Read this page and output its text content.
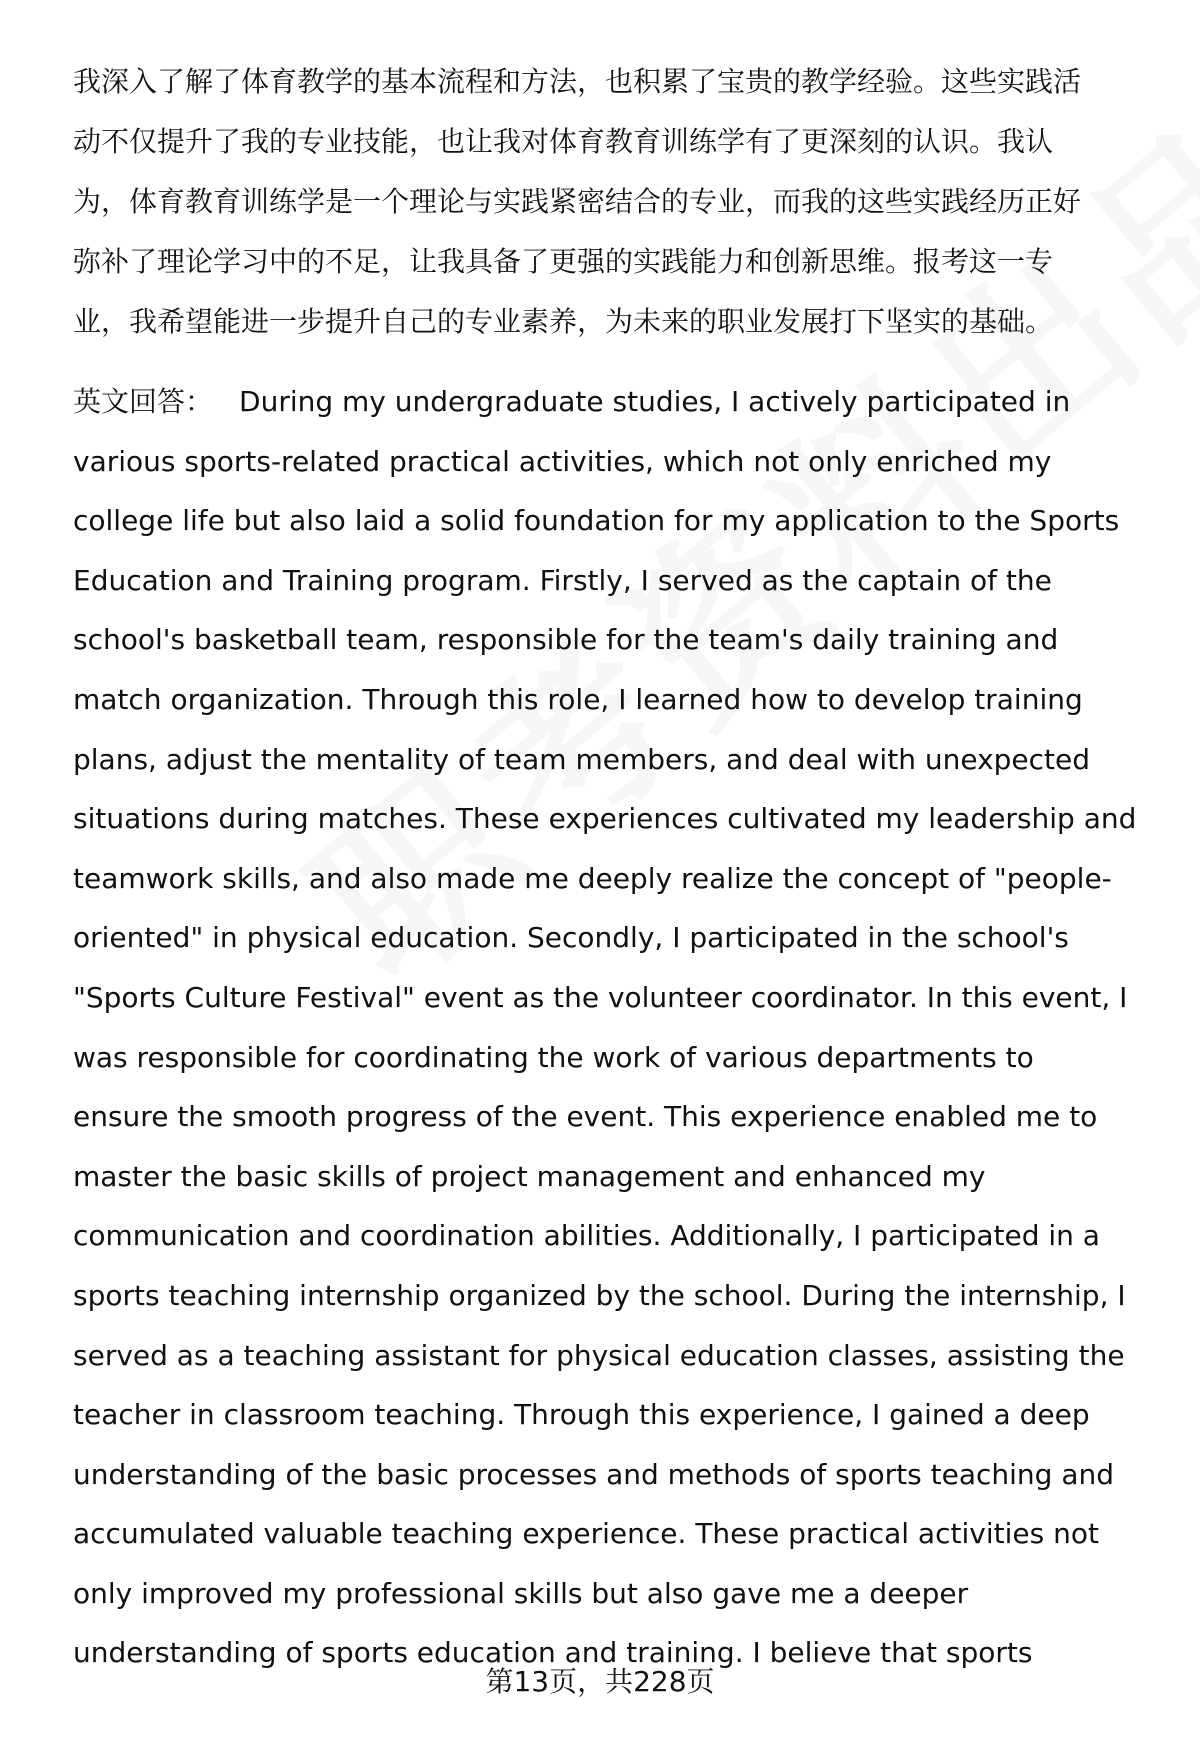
我深入了解了体育教学的基本流程和方法，也积累了宝贵的教学经验。这些实践活
动不仅提升了我的专业技能，也让我对体育教育训练学有了更深刻的认识。我认
为，体育教育训练学是一个理论与实践紧密结合的专业，而我的这些实践经历正好
弥补了理论学习中的不足，让我具备了更强的实践能力和创新思维。报考这一专
业，我希望能进一步提升自己的专业素养，为未来的职业发展打下坚实的基础。
英文回答： During my undergraduate studies, I actively participated in
various sports-related practical activities, which not only enriched my
college life but also laid a solid foundation for my application to the Sports
Education and Training program. Firstly, I served as the captain of the
school's basketball team, responsible for the team's daily training and
match organization. Through this role, I learned how to develop training
plans, adjust the mentality of team members, and deal with unexpected
situations during matches. These experiences cultivated my leadership and
teamwork skills, and also made me deeply realize the concept of "people-
oriented" in physical education. Secondly, I participated in the school's
"Sports Culture Festival" event as the volunteer coordinator. In this event, I
was responsible for coordinating the work of various departments to
ensure the smooth progress of the event. This experience enabled me to
master the basic skills of project management and enhanced my
communication and coordination abilities. Additionally, I participated in a
sports teaching internship organized by the school. During the internship, I
served as a teaching assistant for physical education classes, assisting the
teacher in classroom teaching. Through this experience, I gained a deep
understanding of the basic processes and methods of sports teaching and
accumulated valuable teaching experience. These practical activities not
only improved my professional skills but also gave me a deeper
understanding of sports education and training. I believe that sports
第13页，共228页
